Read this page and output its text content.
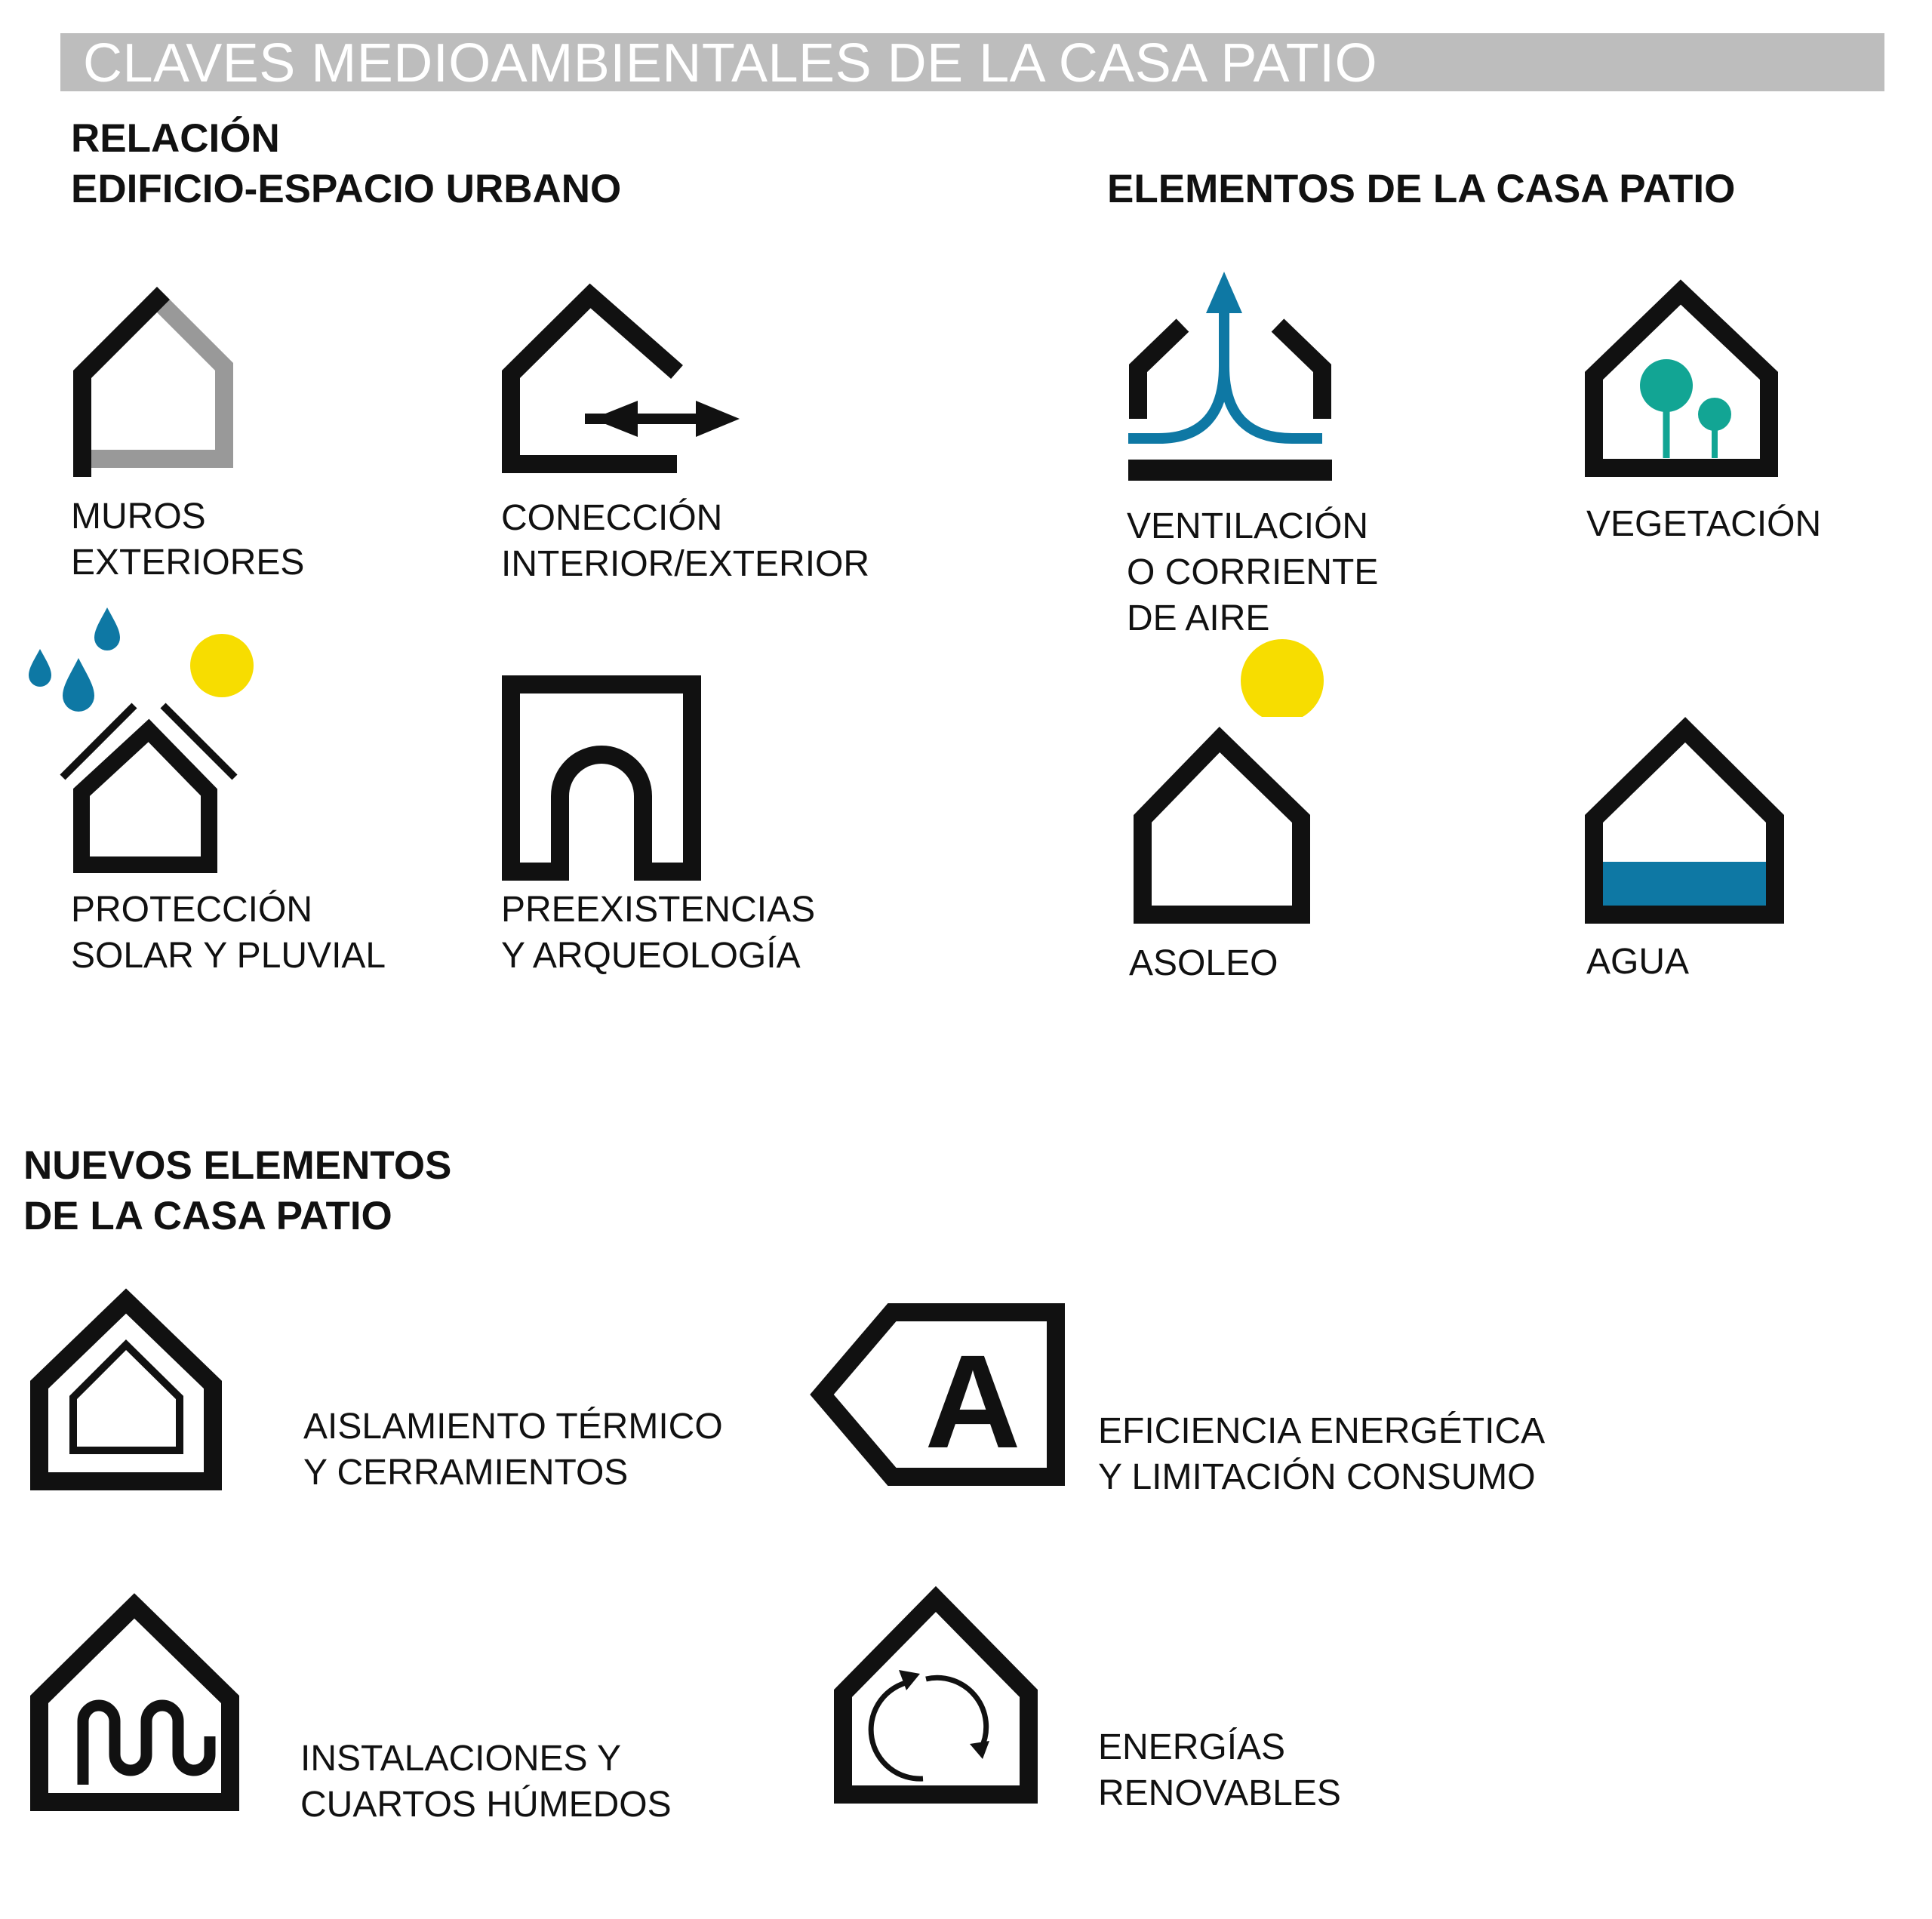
CLAVES MEDIOAMBIENTALES DE LA CASA PATIO
RELACIÓN
EDIFICIO-ESPACIO URBANO	ELEMENTOS DE LA CASA PATIO
NUEVOS ELEMENTOS
DE LA CASA PATIO
MUROS
EXTERIORES
CONECCIÓN
INTERIOR/EXTERIOR
VENTILACIÓN
O CORRIENTE
DE AIRE
VEGETACIÓN
PROTECCIÓN
SOLAR Y PLUVIAL
PREEXISTENCIAS
Y ARQUEOLOGÍA	ASOLEO	AGUA
AISLAMIENTO TÉRMICO
Y CERRAMIENTOS	A EFICIENCIA ENERGÉTICA
Y LIMITACIÓN CONSUMO
INSTALACIONES Y
CUARTOS HÚMEDOS
ENERGÍAS
RENOVABLES
